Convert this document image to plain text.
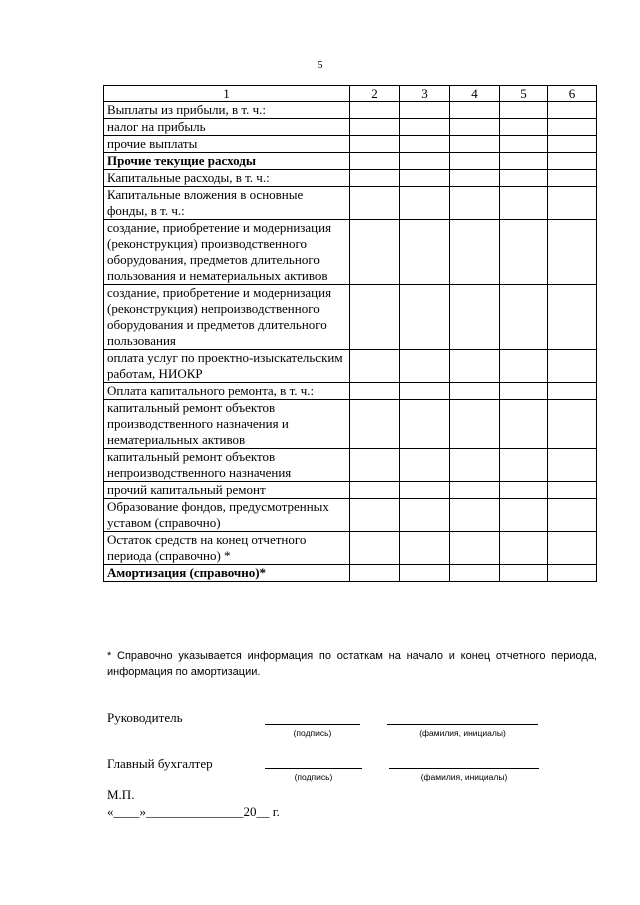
5
1	2	3	4	5	6
Выплаты из прибыли, в т. ч.:					
налог на прибыль					
прочие выплаты					
Прочие текущие расходы					
Капитальные расходы, в т. ч.:					
Капитальные вложения в основные фонды, в т. ч.:					
создание, приобретение и модернизация (реконструкция) производственного оборудования, предметов длительного пользования и нематериальных активов					
создание, приобретение и модернизация (реконструкция) непроизводственного оборудования и предметов длительного пользования					
оплата услуг по проектно-изыскательским работам, НИОКР					
Оплата капитального ремонта, в т. ч.:					
капитальный ремонт объектов производственного назначения и нематериальных активов					
капитальный ремонт объектов непроизводственного назначения					
прочий капитальный ремонт					
Образование фондов, предусмотренных уставом (справочно)					
Остаток средств на конец отчетного периода (справочно) *					
Амортизация (справочно)*					
* Справочно указывается информация по остаткам на начало и конец отчетного периода, информация по амортизации.
Руководитель
(подпись)	(фамилия, инициалы)
Главный бухгалтер
(подпись)	(фамилия, инициалы)
М.П.
«____»_______________20__ г.
